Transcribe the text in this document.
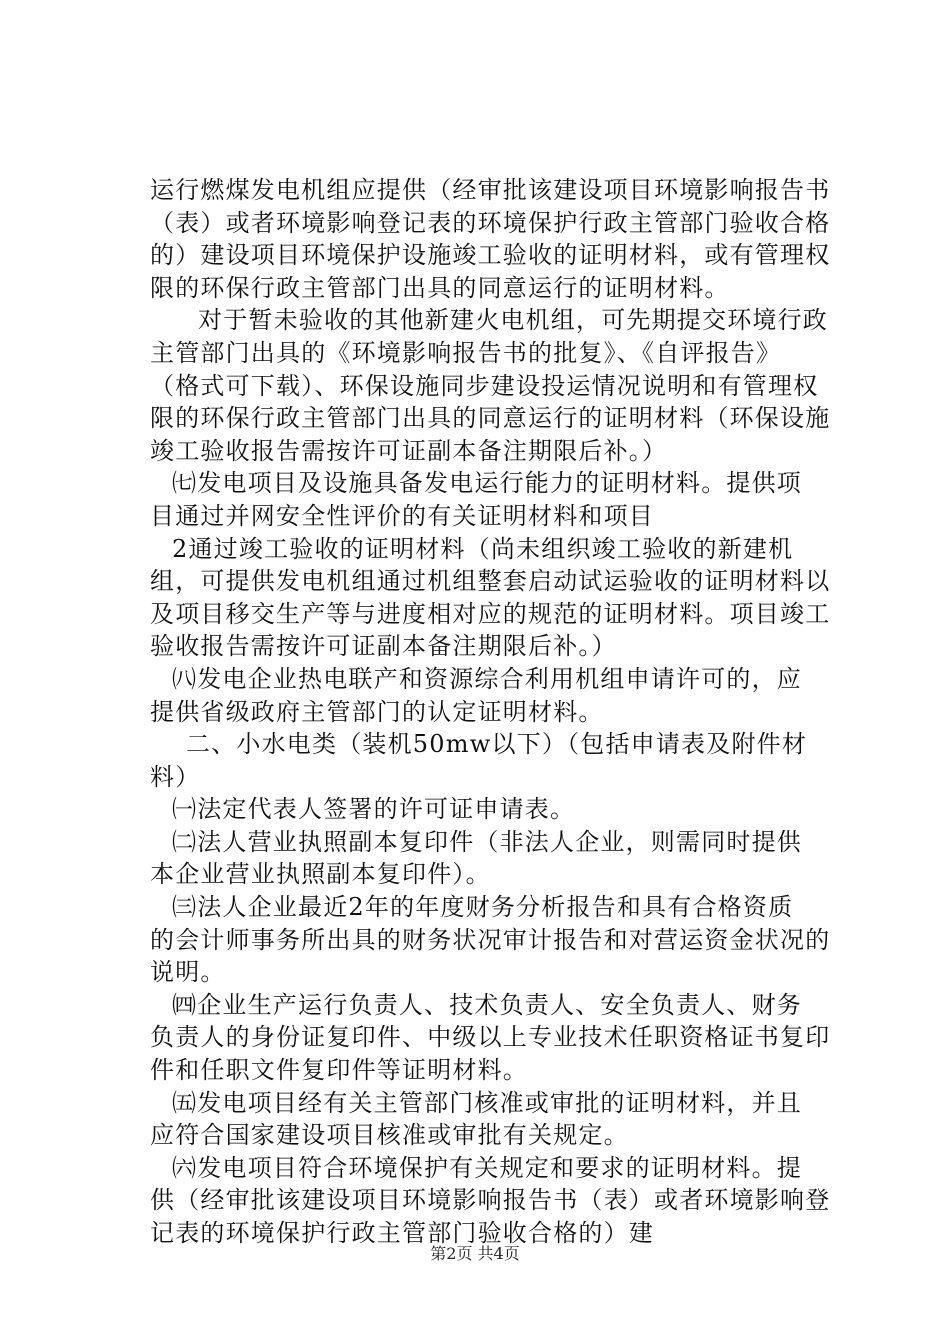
运行燃煤发电机组应提供（经审批该建设项目环境影响报告书
（表）或者环境影响登记表的环境保护行政主管部门验收合格
的）建设项目环境保护设施竣工验收的证明材料，或有管理权
限的环保行政主管部门出具的同意运行的证明材料。
对于暂未验收的其他新建火电机组，可先期提交环境行政
主管部门出具的《环境影响报告书的批复》、《自评报告》
（格式可下载）、环保设施同步建设投运情况说明和有管理权
限的环保行政主管部门出具的同意运行的证明材料（环保设施
竣工验收报告需按许可证副本备注期限后补。）
㈦发电项目及设施具备发电运行能力的证明材料。提供项
目通过并网安全性评价的有关证明材料和项目
2通过竣工验收的证明材料（尚未组织竣工验收的新建机
组，可提供发电机组通过机组整套启动试运验收的证明材料以
及项目移交生产等与进度相对应的规范的证明材料。项目竣工
验收报告需按许可证副本备注期限后补。）
㈧发电企业热电联产和资源综合利用机组申请许可的，应
提供省级政府主管部门的认定证明材料。
二、小水电类（装机50mw以下）（包括申请表及附件材
料）
㈠法定代表人签署的许可证申请表。
㈡法人营业执照副本复印件（非法人企业，则需同时提供
本企业营业执照副本复印件）。
㈢法人企业最近2年的年度财务分析报告和具有合格资质
的会计师事务所出具的财务状况审计报告和对营运资金状况的
说明。
㈣企业生产运行负责人、技术负责人、安全负责人、财务
负责人的身份证复印件、中级以上专业技术任职资格证书复印
件和任职文件复印件等证明材料。
㈤发电项目经有关主管部门核准或审批的证明材料，并且
应符合国家建设项目核准或审批有关规定。
㈥发电项目符合环境保护有关规定和要求的证明材料。提
供（经审批该建设项目环境影响报告书（表）或者环境影响登
记表的环境保护行政主管部门验收合格的）建
第2页 共4页
